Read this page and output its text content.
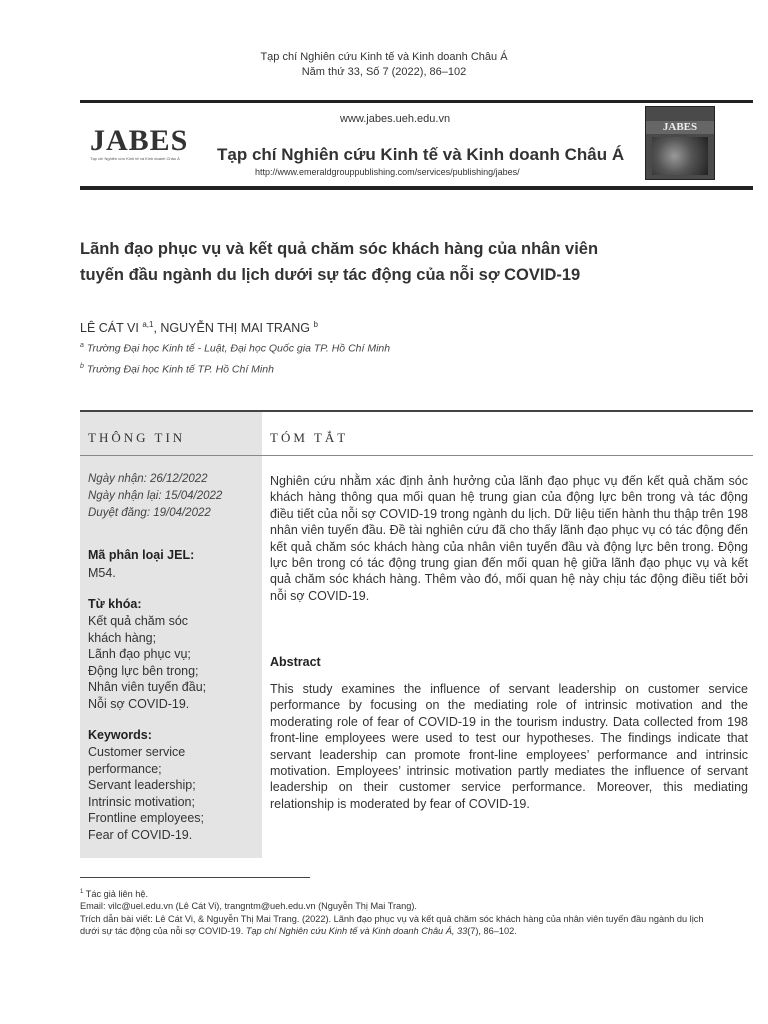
Tạp chí Nghiên cứu Kinh tế và Kinh doanh Châu Á
Năm thứ 33, Số 7 (2022), 86–102
JABES
Tạp chí Nghiên cứu Kinh tế và Kinh doanh Châu Á
www.jabes.ueh.edu.vn
Tạp chí Nghiên cứu Kinh tế và Kinh doanh Châu Á
http://www.emeraldgrouppublishing.com/services/publishing/jabes/
JABES
Lãnh đạo phục vụ và kết quả chăm sóc khách hàng của nhân viên
tuyến đầu ngành du lịch dưới sự tác động của nỗi sợ COVID-19
LÊ CÁT VI $^{a,1}$, NGUYỄN THỊ MAI TRANG $^b$
$^a$ Trường Đại học Kinh tế - Luật, Đại học Quốc gia TP. Hồ Chí Minh
$^b$ Trường Đại học Kinh tế TP. Hồ Chí Minh
THÔNG TIN	TÓM TẮT
Ngày nhận: 26/12/2022
Ngày nhận lại: 15/04/2022
Duyệt đăng: 19/04/2022
Mã phân loại JEL:
M54.
Từ khóa:
Kết quả chăm sóc
khách hàng;
Lãnh đạo phục vụ;
Động lực bên trong;
Nhân viên tuyến đầu;
Nỗi sợ COVID-19.
Keywords:
Customer service
performance;
Servant leadership;
Intrinsic motivation;
Frontline employees;
Fear of COVID-19.
Nghiên cứu nhằm xác định ảnh hưởng của lãnh đạo phục vụ đến kết quả chăm sóc khách hàng thông qua mối quan hệ trung gian của động lực bên trong và tác động điều tiết của nỗi sợ COVID-19 trong ngành du lịch. Dữ liệu tiến hành thu thập trên 198 nhân viên tuyến đầu. Đề tài nghiên cứu đã cho thấy lãnh đạo phục vụ có tác động đến kết quả chăm sóc khách hàng của nhân viên tuyến đầu và động lực bên trong. Động lực bên trong có tác động trung gian đến mối quan hệ giữa lãnh đạo phục vụ và kết quả chăm sóc khách hàng. Thêm vào đó, mối quan hệ này chịu tác động điều tiết bởi nỗi sợ COVID-19.
Abstract
This study examines the influence of servant leadership on customer service performance by focusing on the mediating role of intrinsic motivation and the moderating role of fear of COVID-19 in the tourism industry. Data collected from 198 front-line employees were used to test our hypotheses. The findings indicate that servant leadership can promote front-line employees’ performance and intrinsic motivation. Employees’ intrinsic motivation partly mediates the influence of servant leadership on their customer service performance. Moreover, this mediating relationship is moderated by fear of COVID-19.
$^1$ Tác giả liên hệ.
Email: vilc@uel.edu.vn (Lê Cát Vi), trangntm@ueh.edu.vn (Nguyễn Thị Mai Trang).
Trích dẫn bài viết: Lê Cát Vi, & Nguyễn Thị Mai Trang. (2022). Lãnh đạo phục vụ và kết quả chăm sóc khách hàng của nhân viên tuyến đầu ngành du lịch dưới sự tác động của nỗi sợ COVID-19. Tạp chí Nghiên cứu Kinh tế và Kinh doanh Châu Á, 33(7), 86–102.
